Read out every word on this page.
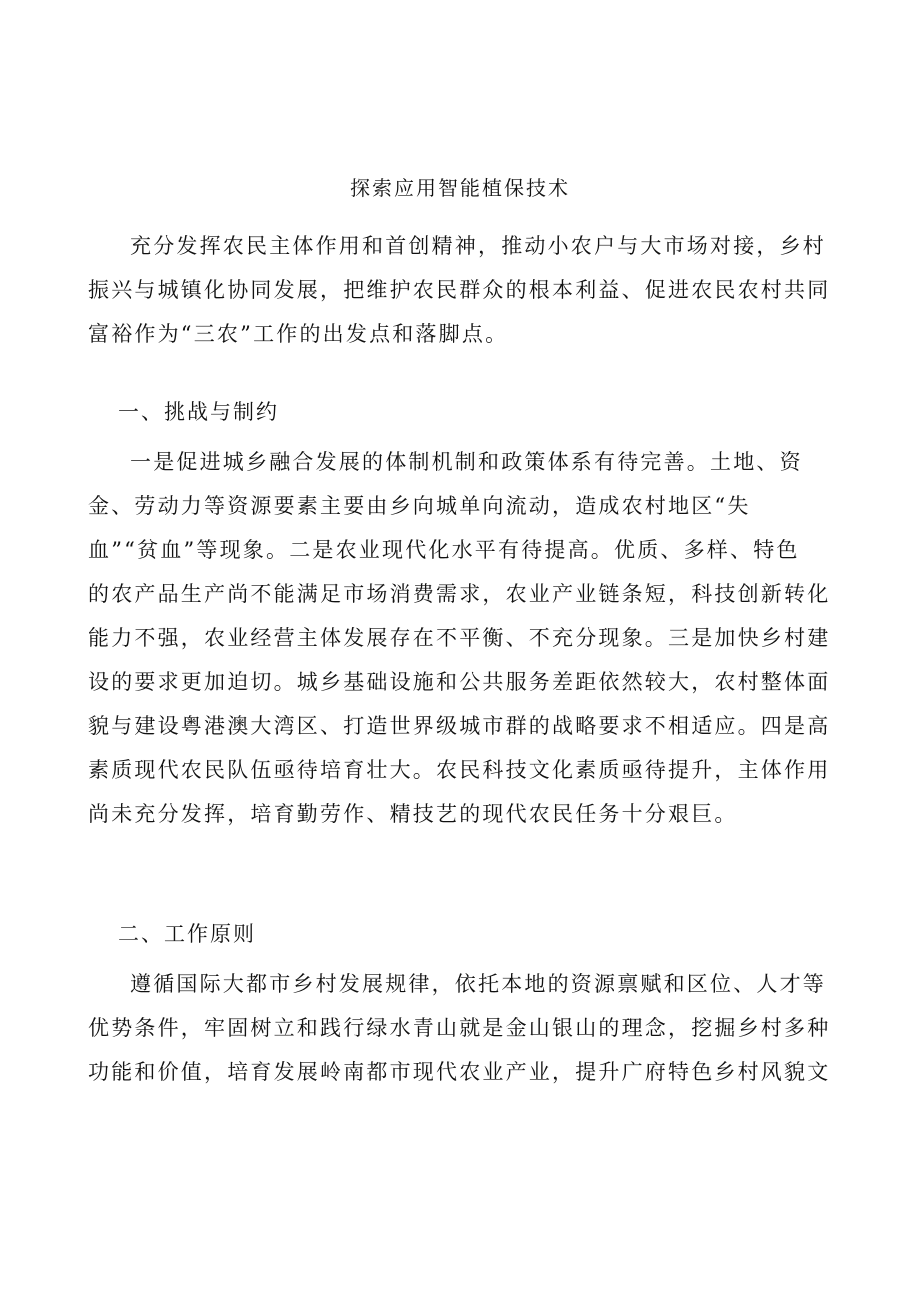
探索应用智能植保技术

充分发挥农民主体作用和首创精神，推动小农户与大市场对接，乡村
振兴与城镇化协同发展，把维护农民群众的根本利益、促进农民农村共同
富裕作为“三农”工作的出发点和落脚点。

一、挑战与制约

一是促进城乡融合发展的体制机制和政策体系有待完善。土地、资
金、劳动力等资源要素主要由乡向城单向流动，造成农村地区“失
血”“贫血”等现象。二是农业现代化水平有待提高。优质、多样、特色
的农产品生产尚不能满足市场消费需求，农业产业链条短，科技创新转化
能力不强，农业经营主体发展存在不平衡、不充分现象。三是加快乡村建
设的要求更加迫切。城乡基础设施和公共服务差距依然较大，农村整体面
貌与建设粤港澳大湾区、打造世界级城市群的战略要求不相适应。四是高
素质现代农民队伍亟待培育壮大。农民科技文化素质亟待提升，主体作用
尚未充分发挥，培育勤劳作、精技艺的现代农民任务十分艰巨。

二、工作原则

遵循国际大都市乡村发展规律，依托本地的资源禀赋和区位、人才等
优势条件，牢固树立和践行绿水青山就是金山银山的理念，挖掘乡村多种
功能和价值，培育发展岭南都市现代农业产业，提升广府特色乡村风貌文
